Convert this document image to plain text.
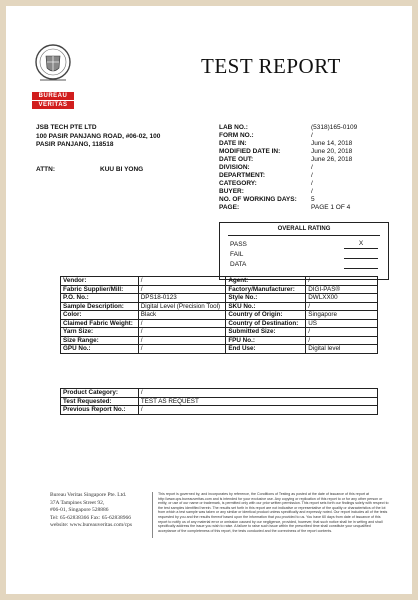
BUREAU
VERITAS
TEST REPORT
JSB TECH PTE LTD
100 PASIR PANJANG ROAD, #06-02, 100
PASIR PANJANG, 118518
ATTN:	KUU BI YONG
LAB NO.:	(5318)165-0109
FORM NO.:	/
DATE IN:	June 14, 2018
MODIFIED DATE IN:	June 20, 2018
DATE OUT:	June 26, 2018
DIVISION:	/
DEPARTMENT:	/
CATEGORY:	/
BUYER:	/
NO. OF WORKING DAYS: 5
PAGE:	PAGE 1 OF 4
OVERALL RATING
PASS	X
FAIL
DATA
Vendor:	/	Agent:	/
Fabric Supplier/Mill:	/	Factory/Manufacturer:	DIGI-PAS®
P.O. No.:	DPS18-0123	Style No.:	DWLXX00
Sample Description:	Digital Level (Precision Tool)	SKU No.:	/
Color:	Black	Country of Origin:	Singapore
Claimed Fabric Weight:	/	Country of Destination:	US
Yarn Size:	/	Submitted Size:	/
Size Range:	/	FPU No.:	/
GPU No.:	/	End Use:	Digital level
Product Category:	/
Test Requested:	TEST AS REQUEST
Previous Report No.:	/
Bureau Veritas Singapore Pte. Ltd.
37A Tampines Street 92,
#06-01, Singapore 528886
Tel: 65-62838366 Fax: 65-62838966
website: www.bureauveritas.com/cps
This report is governed by, and incorporates by reference, the Conditions of Testing as posted at the date of issuance of this report at http://www.cps.bureauveritas.com and is intended for your exclusive use. Any copying or replication of this report to or for any other person or entity, or use of our name or trademark, is permitted only with our prior written permission. This report sets forth our findings solely with respect to the test samples identified herein. The results set forth in this report are not indicative or representative of the quality or characteristics of the lot from which a test sample was taken or any similar or identical product unless specifically and expressly noted. Our report includes all of the tests requested by you and the results thereof based upon the information that you provided to us. You have 60 days from date of issuance of this report to notify us of any material error or omission caused by our negligence, provided, however, that such notice shall be in writing and shall specifically address the issue you wish to raise. A failure to raise such issue within the prescribed time shall constitute your unqualified acceptance of the completeness of this report, the tests conducted and the correctness of the report contents.
